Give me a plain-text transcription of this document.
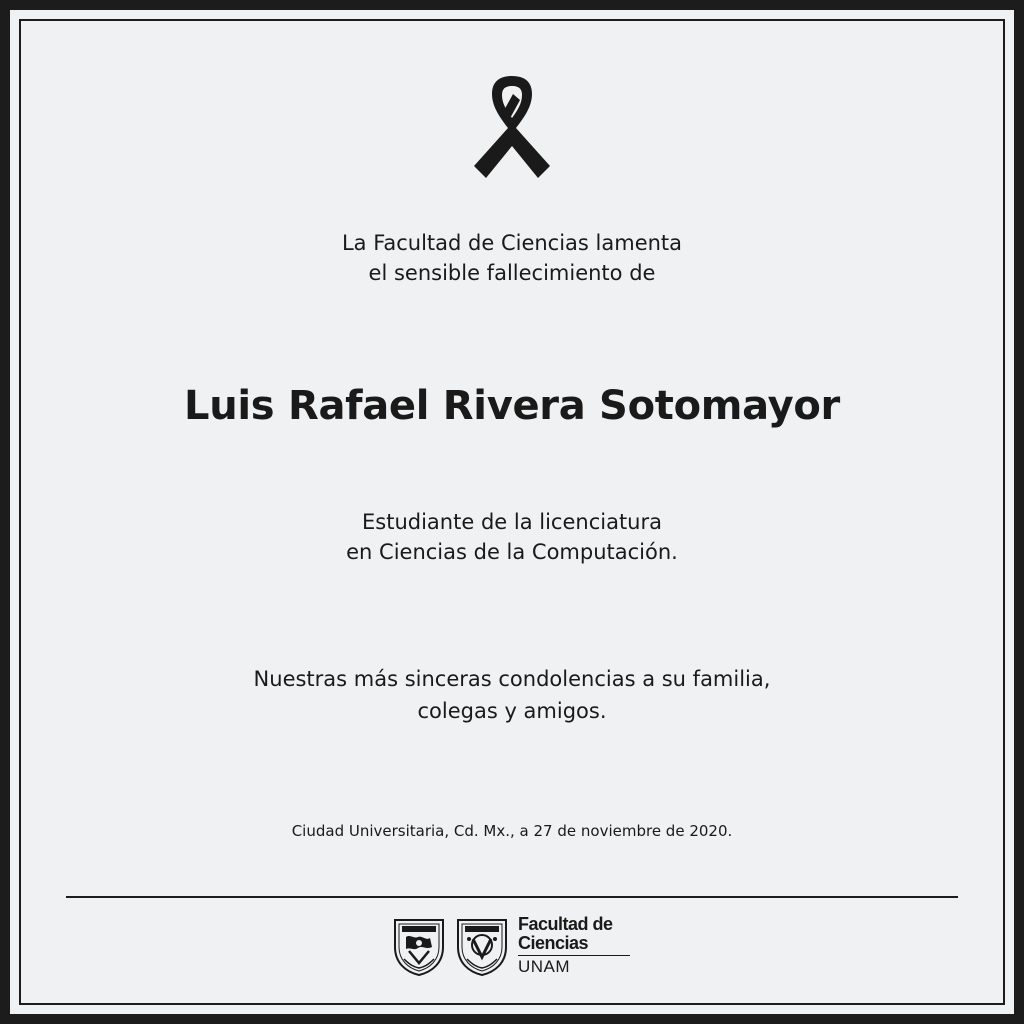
La Facultad de Ciencias lamenta
el sensible fallecimiento de
Luis Rafael Rivera Sotomayor
Estudiante de la licenciatura
en Ciencias de la Computación.
Nuestras más sinceras condolencias a su familia,
colegas y amigos.
Ciudad Universitaria, Cd. Mx., a 27 de noviembre de 2020.
Facultad de
Ciencias
UNAM
